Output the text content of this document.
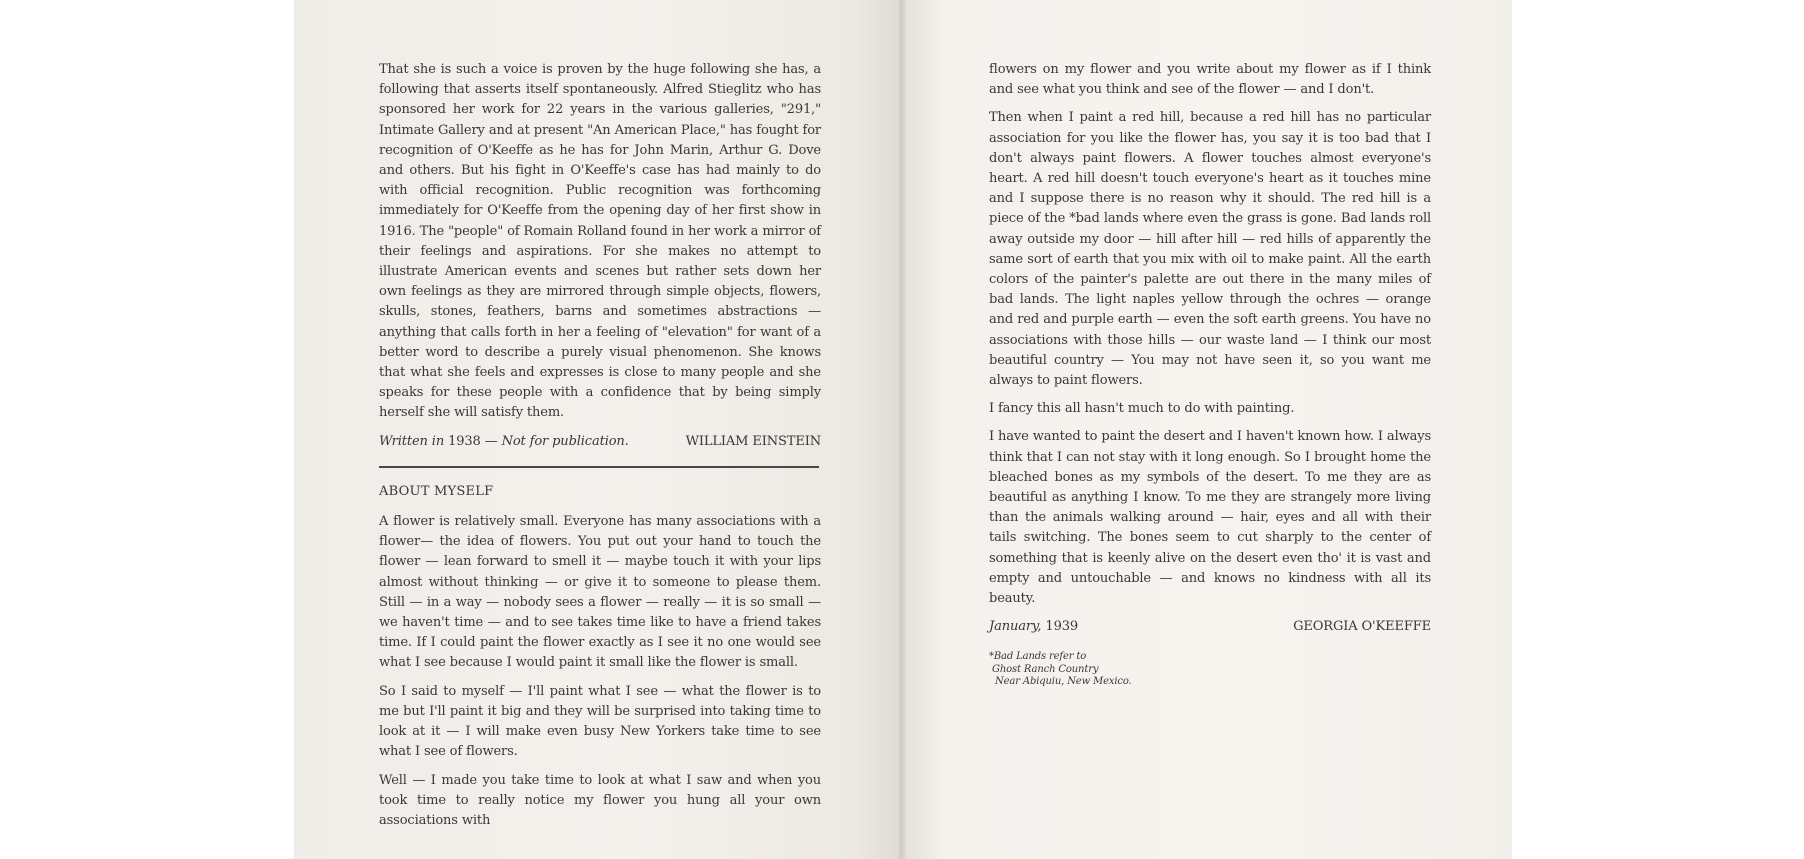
That she is such a voice is proven by the huge following she has, a following that asserts itself spontaneously. Alfred Stieglitz who has sponsored her work for 22 years in the various galleries, "291," Intimate Gallery and at present "An American Place," has fought for recognition of O'Keeffe as he has for John Marin, Arthur G. Dove and others. But his fight in O'Keeffe's case has had mainly to do with official recognition. Public recognition was forthcoming immediately for O'Keeffe from the opening day of her first show in 1916. The "people" of Romain Rolland found in her work a mirror of their feelings and aspirations. For she makes no attempt to illustrate American events and scenes but rather sets down her own feelings as they are mirrored through simple objects, flowers, skulls, stones, feathers, barns and sometimes abstractions — anything that calls forth in her a feeling of "elevation" for want of a better word to describe a purely visual phenomenon. She knows that what she feels and expresses is close to many people and she speaks for these people with a confidence that by being simply herself she will satisfy them.

Written in 1938 — Not for publication.	WILLIAM EINSTEIN
ABOUT MYSELF

A flower is relatively small. Everyone has many associations with a flower— the idea of flowers. You put out your hand to touch the flower — lean forward to smell it — maybe touch it with your lips almost without thinking — or give it to someone to please them. Still — in a way — nobody sees a flower — really — it is so small — we haven't time — and to see takes time like to have a friend takes time. If I could paint the flower exactly as I see it no one would see what I see because I would paint it small like the flower is small.

So I said to myself — I'll paint what I see — what the flower is to me but I'll paint it big and they will be surprised into taking time to look at it — I will make even busy New Yorkers take time to see what I see of flowers.

Well — I made you take time to look at what I saw and when you took time to really notice my flower you hung all your own associations with

flowers on my flower and you write about my flower as if I think and see what you think and see of the flower — and I don't.

Then when I paint a red hill, because a red hill has no particular association for you like the flower has, you say it is too bad that I don't always paint flowers. A flower touches almost everyone's heart. A red hill doesn't touch everyone's heart as it touches mine and I suppose there is no reason why it should. The red hill is a piece of the *bad lands where even the grass is gone. Bad lands roll away outside my door — hill after hill — red hills of apparently the same sort of earth that you mix with oil to make paint. All the earth colors of the painter's palette are out there in the many miles of bad lands. The light naples yellow through the ochres — orange and red and purple earth — even the soft earth greens. You have no associations with those hills — our waste land — I think our most beautiful country — You may not have seen it, so you want me always to paint flowers.

I fancy this all hasn't much to do with painting.

I have wanted to paint the desert and I haven't known how. I always think that I can not stay with it long enough. So I brought home the bleached bones as my symbols of the desert. To me they are as beautiful as anything I know. To me they are strangely more living than the animals walking around — hair, eyes and all with their tails switching. The bones seem to cut sharply to the center of something that is keenly alive on the desert even tho' it is vast and empty and untouchable — and knows no kindness with all its beauty.

January, 1939	GEORGIA O'KEEFFE
*Bad Lands refer to
Ghost Ranch Country
Near Abiquiu, New Mexico.
